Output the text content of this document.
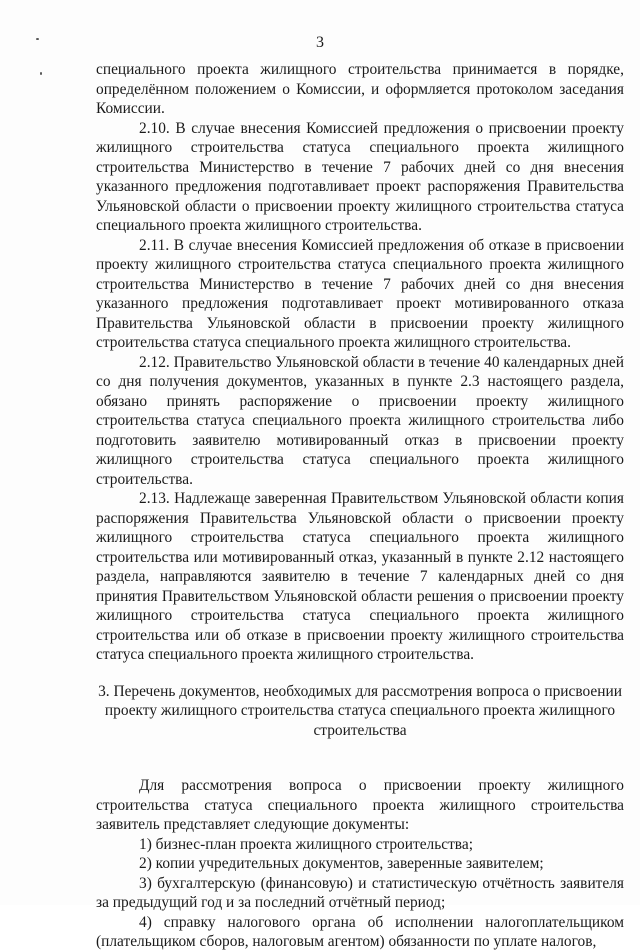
3

специального проекта жилищного строительства принимается в порядке, определённом положением о Комиссии, и оформляется протоколом заседания Комиссии.

2.10. В случае внесения Комиссией предложения о присвоении проекту жилищного строительства статуса специального проекта жилищного строительства Министерство в течение 7 рабочих дней со дня внесения указанного предложения подготавливает проект распоряжения Правительства Ульяновской области о присвоении проекту жилищного строительства статуса специального проекта жилищного строительства.

2.11. В случае внесения Комиссией предложения об отказе в присвоении проекту жилищного строительства статуса специального проекта жилищного строительства Министерство в течение 7 рабочих дней со дня внесения указанного предложения подготавливает проект мотивированного отказа Правительства Ульяновской области в присвоении проекту жилищного строительства статуса специального проекта жилищного строительства.

2.12. Правительство Ульяновской области в течение 40 календарных дней со дня получения документов, указанных в пункте 2.3 настоящего раздела, обязано принять распоряжение о присвоении проекту жилищного строительства статуса специального проекта жилищного строительства либо подготовить заявителю мотивированный отказ в присвоении проекту жилищного строительства статуса специального проекта жилищного строительства.

2.13. Надлежаще заверенная Правительством Ульяновской области копия распоряжения Правительства Ульяновской области о присвоении проекту жилищного строительства статуса специального проекта жилищного строительства или мотивированный отказ, указанный в пункте 2.12 настоящего раздела, направляются заявителю в течение 7 календарных дней со дня принятия Правительством Ульяновской области решения о присвоении проекту жилищного строительства статуса специального проекта жилищного строительства или об отказе в присвоении проекту жилищного строительства статуса специального проекта жилищного строительства.

3. Перечень документов, необходимых для рассмотрения вопроса о присвоении проекту жилищного строительства статуса специального проекта жилищного строительства

Для рассмотрения вопроса о присвоении проекту жилищного строительства статуса специального проекта жилищного строительства заявитель представляет следующие документы:

1) бизнес-план проекта жилищного строительства;

2) копии учредительных документов, заверенные заявителем;

3) бухгалтерскую (финансовую) и статистическую отчётность заявителя за предыдущий год и за последний отчётный период;

4) справку налогового органа об исполнении налогоплательщиком (плательщиком сборов, налоговым агентом) обязанности по уплате налогов,
